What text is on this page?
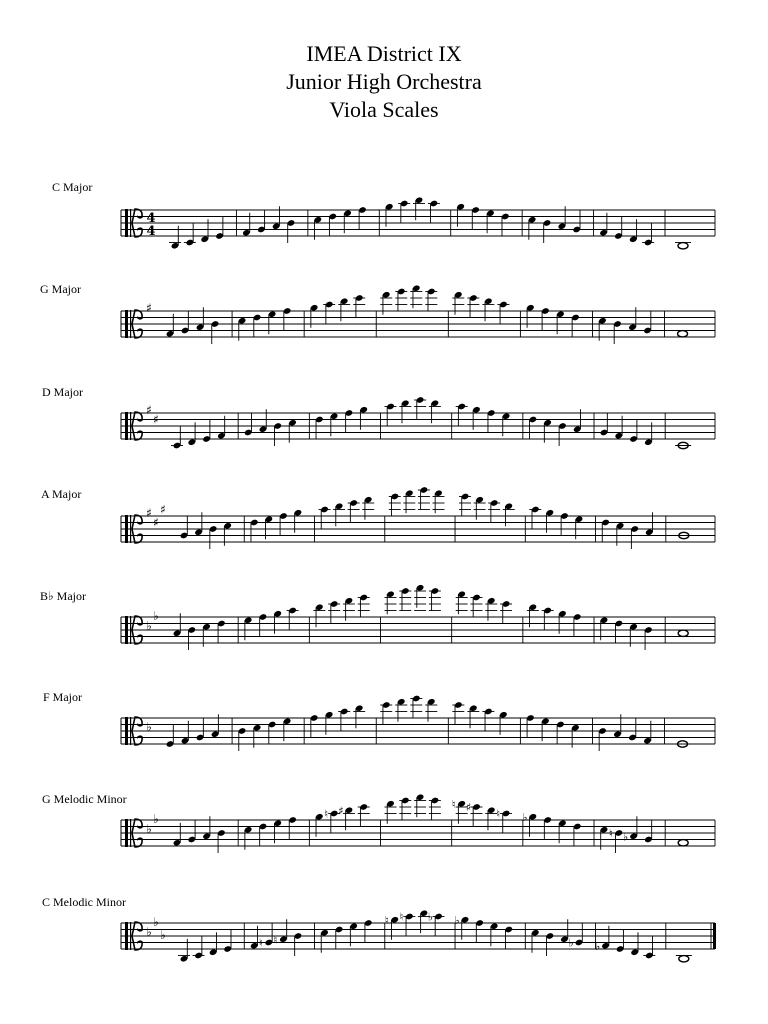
IMEA District IX
Junior High Orchestra
Viola Scales
C Major
G Major
D Major
A Major
B♭ Major
F Major
G Melodic Minor
C Melodic Minor
4
4
♯
♯
♯
♯
♯
♯
♭
♭
♭
♭
♭	♮ ♯	♮ ♯ ♮ ♭
♮ ♭
♭
♭
♭
♮ ♮
♮ ♮ ♭ ♭
♭ ♭
